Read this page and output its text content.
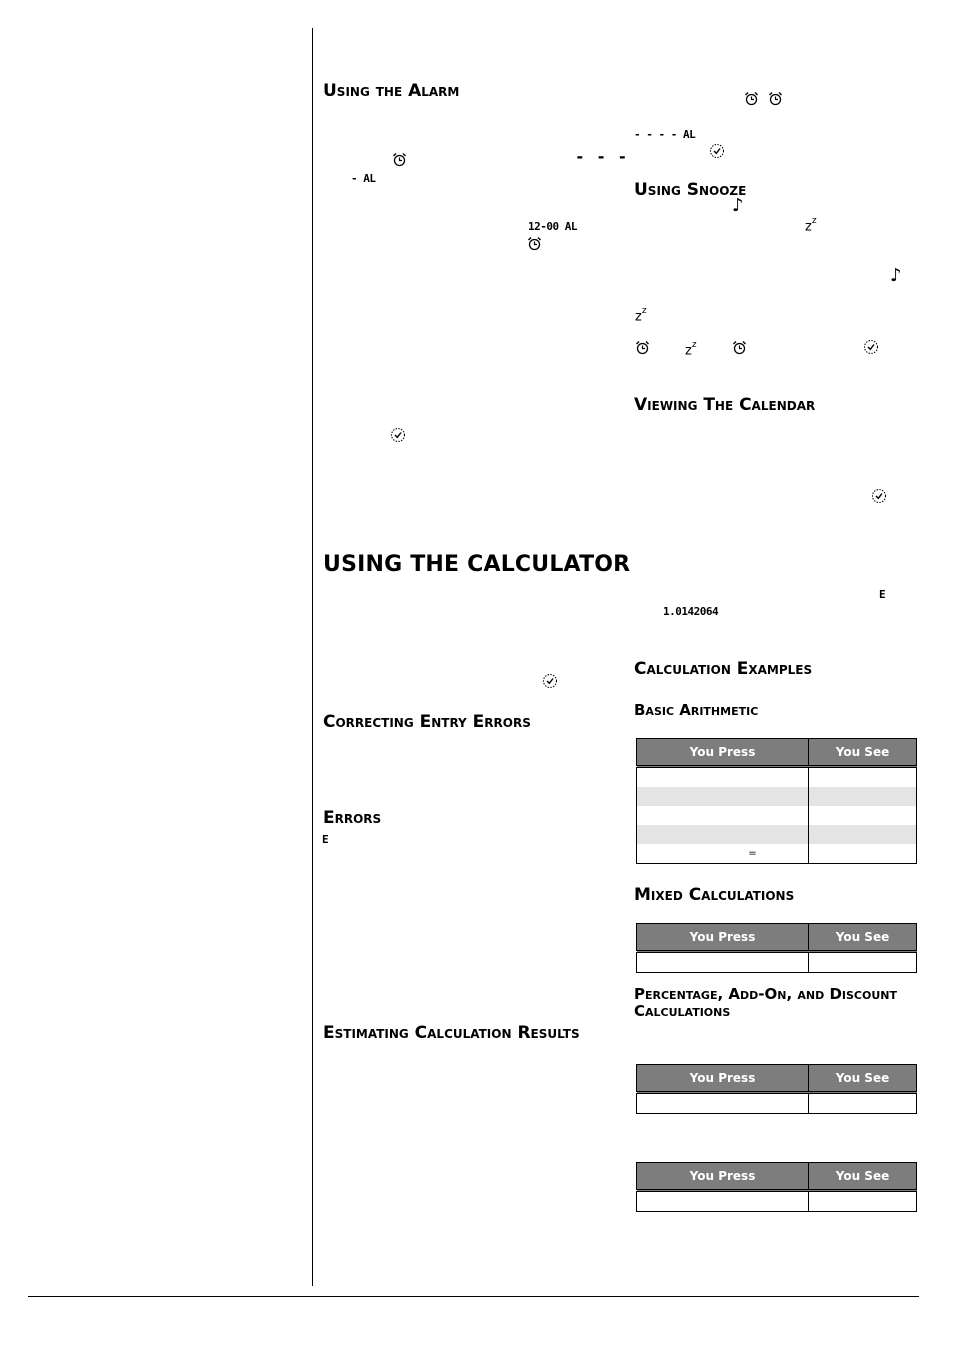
Using the Alarm
- - -
- AL
12-00 AL
USING THE CALCULATOR
Correcting Entry Errors
Errors
E
Estimating Calculation Results
- - - - AL
Using Snooze
♪
$z^z$
♪
$z^z$
$z^z$
Viewing The Calendar
E
1.0142064
Calculation Examples
Basic Arithmetic
You Press	You See

=	
Mixed Calculations
You Press	You See

Percentage, Add-On, and Discount Calculations
You Press	You See

You Press	You See
